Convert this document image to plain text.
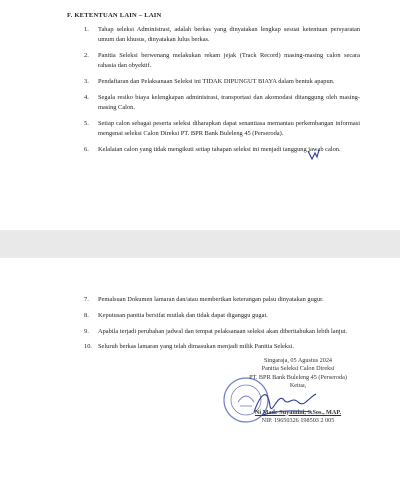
F. KETENTUAN LAIN – LAIN
1. Tahap seleksi Administrasi, adalah berkas yang dinyatakan lengkap sesuai ketentuan persyaratan umum dan khusus, dinyatakan lulus berkas.
2. Panitia Seleksi berwenang melakukan rekam jejak (Track Record) masing-masing calon secara rahasia dan obyektif.
3. Pendaftaran dan Pelaksanaan Seleksi ini TIDAK DIPUNGUT BIAYA dalam bentuk apapun.
4. Segala resiko biaya kelengkapan administrasi, transportasi dan akomodasi ditanggung oleh masing-masing Calon.
5. Setiap calon sebagai peserta seleksi diharapkan dapat senantiasa memantau perkembangan informasi mengenai seleksi Calon Direksi PT. BPR Bank Buleleng 45 (Perseroda).
6. Kelalaian calon yang tidak mengikuti setiap tahapan seleksi ini menjadi tanggung jawab calon.
7. Pemalsuan Dokumen lamaran dan/atau memberikan keterangan palsu dinyatakan gugur.
8. Keputusan panitia bersifat mutlak dan tidak dapat diganggu gugat.
9. Apabila terjadi perubahan jadwal dan tempat pelaksanaan seleksi akan diberitahukan lebih lanjut.
10. Seluruh berkas lamaran yang telah dimasukan menjadi milik Panitia Seleksi.
Singaraja, 05 Agustus 2024
Panitia Seleksi Calon Direksi
PT. BPR Bank Buleleng 45 (Perseroda)
Ketua,
Ni Made Suyamini, S.Sos., MAP.
NIP. 19650326 198503 2 005
